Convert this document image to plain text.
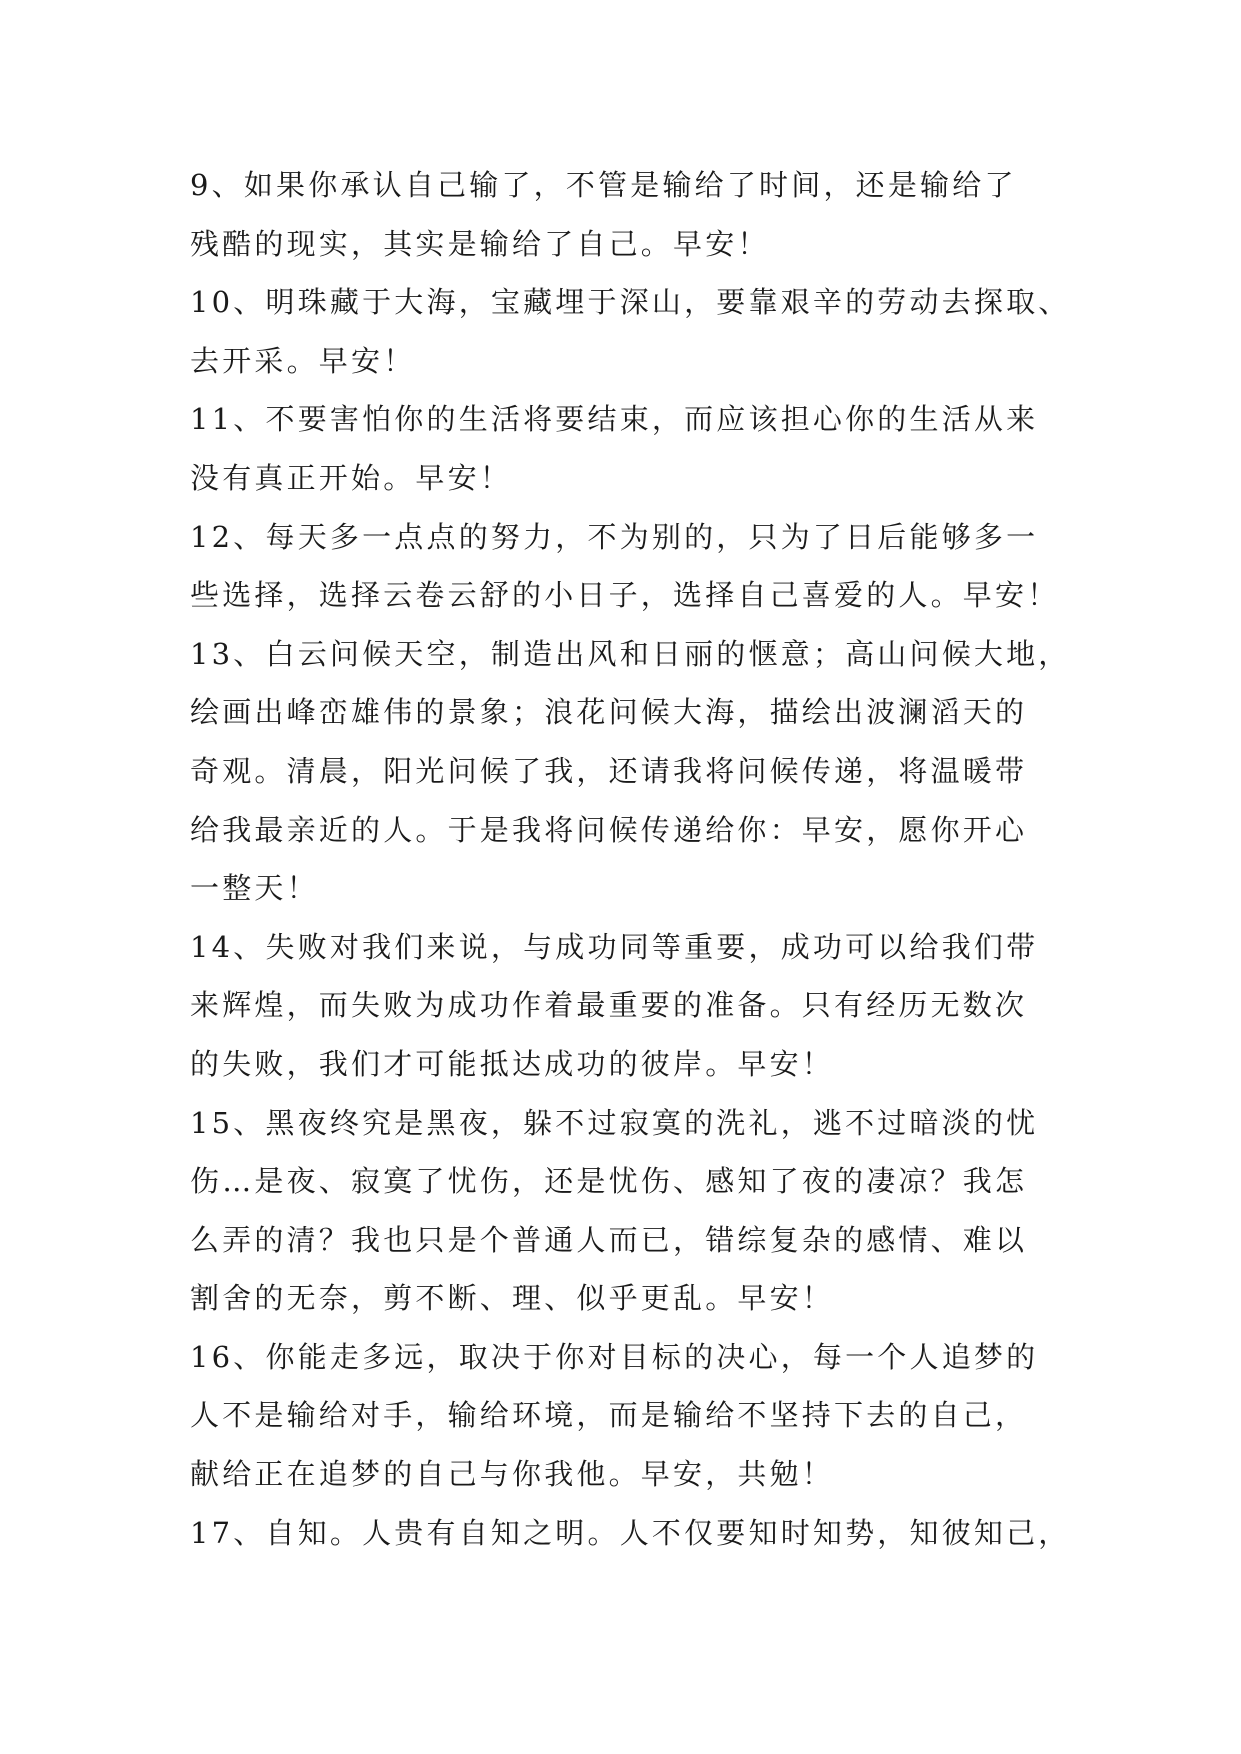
9、如果你承认自己输了，不管是输给了时间，还是输给了
残酷的现实，其实是输给了自己。早安！
10、明珠藏于大海，宝藏埋于深山，要靠艰辛的劳动去探取、
去开采。早安！
11、不要害怕你的生活将要结束，而应该担心你的生活从来
没有真正开始。早安！
12、每天多一点点的努力，不为别的，只为了日后能够多一
些选择，选择云卷云舒的小日子，选择自己喜爱的人。早安！
13、白云问候天空，制造出风和日丽的惬意；高山问候大地，
绘画出峰峦雄伟的景象；浪花问候大海，描绘出波澜滔天的
奇观。清晨，阳光问候了我，还请我将问候传递，将温暖带
给我最亲近的人。于是我将问候传递给你：早安，愿你开心
一整天！
14、失败对我们来说，与成功同等重要，成功可以给我们带
来辉煌，而失败为成功作着最重要的准备。只有经历无数次
的失败，我们才可能抵达成功的彼岸。早安！
15、黑夜终究是黑夜，躲不过寂寞的洗礼，逃不过暗淡的忧
伤…是夜、寂寞了忧伤，还是忧伤、感知了夜的凄凉？我怎
么弄的清？我也只是个普通人而已，错综复杂的感情、难以
割舍的无奈，剪不断、理、似乎更乱。早安！
16、你能走多远，取决于你对目标的决心，每一个人追梦的
人不是输给对手，输给环境，而是输给不坚持下去的自己，
献给正在追梦的自己与你我他。早安，共勉！
17、自知。人贵有自知之明。人不仅要知时知势，知彼知己，
